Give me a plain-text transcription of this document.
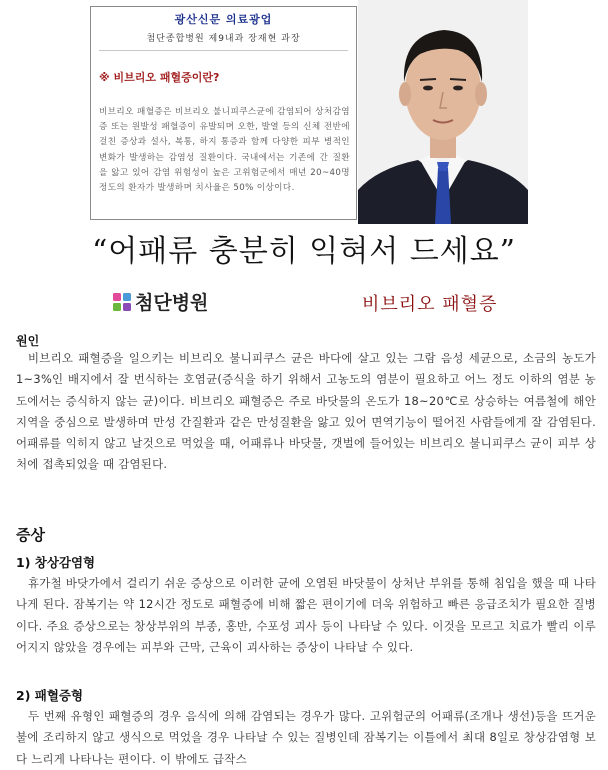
광산신문 의료광업
첨단종합병원 제9내과 장재현 과장
※ 비브리오 패혈증이란?
비브리오 패혈증은 비브리오 불니피쿠스균에 감염되어 상처감염증 또는 원발성 패혈증이 유발되며 오한, 발열 등의 신체 전반에 걸친 증상과 설사, 복통, 하지 통증과 함께 다양한 피부 병적인 변화가 발생하는 감염성 질환이다. 국내에서는 기존에 간 질환을 앓고 있어 감염 위험성이 높은 고위험군에서 매년 20~40명 정도의 환자가 발생하며 치사율은 50% 이상이다.
“어패류 충분히 익혀서 드세요”
첨단병원	비브리오 패혈증
원인
비브리오 패혈증을 일으키는 비브리오 불니피쿠스 균은 바다에 살고 있는 그람 음성 세균으로, 소금의 농도가 1~3%인 배지에서 잘 번식하는 호염균(증식을 하기 위해서 고농도의 염분이 필요하고 어느 정도 이하의 염분 농도에서는 증식하지 않는 균)이다. 비브리오 패혈증은 주로 바닷물의 온도가 18~20℃로 상승하는 여름철에 해안지역을 중심으로 발생하며 만성 간질환과 같은 만성질환을 앓고 있어 면역기능이 떨어진 사람들에게 잘 감염된다. 어패류를 익히지 않고 날것으로 먹었을 때, 어패류나 바닷물, 갯벌에 들어있는 비브리오 불니피쿠스 균이 피부 상처에 접촉되었을 때 감염된다.
증상
1) 창상감염형
휴가철 바닷가에서 걸리기 쉬운 증상으로 이러한 균에 오염된 바닷물이 상처난 부위를 통해 침입을 했을 때 나타나게 된다. 잠복기는 약 12시간 정도로 패혈증에 비해 짧은 편이기에 더욱 위험하고 빠른 응급조치가 필요한 질병이다. 주요 증상으로는 창상부위의 부종, 홍반, 수포성 괴사 등이 나타날 수 있다. 이것을 모르고 치료가 빨리 이루어지지 않았을 경우에는 피부와 근막, 근육이 괴사하는 증상이 나타날 수 있다.
2) 패혈증형
두 번째 유형인 패혈증의 경우 음식에 의해 감염되는 경우가 많다. 고위험군의 어패류(조개나 생선)등을 뜨거운 불에 조리하지 않고 생식으로 먹었을 경우 나타날 수 있는 질병인데 잠복기는 이틀에서 최대 8일로 창상감염형 보다 느리게 나타나는 편이다. 이 밖에도 급작스
